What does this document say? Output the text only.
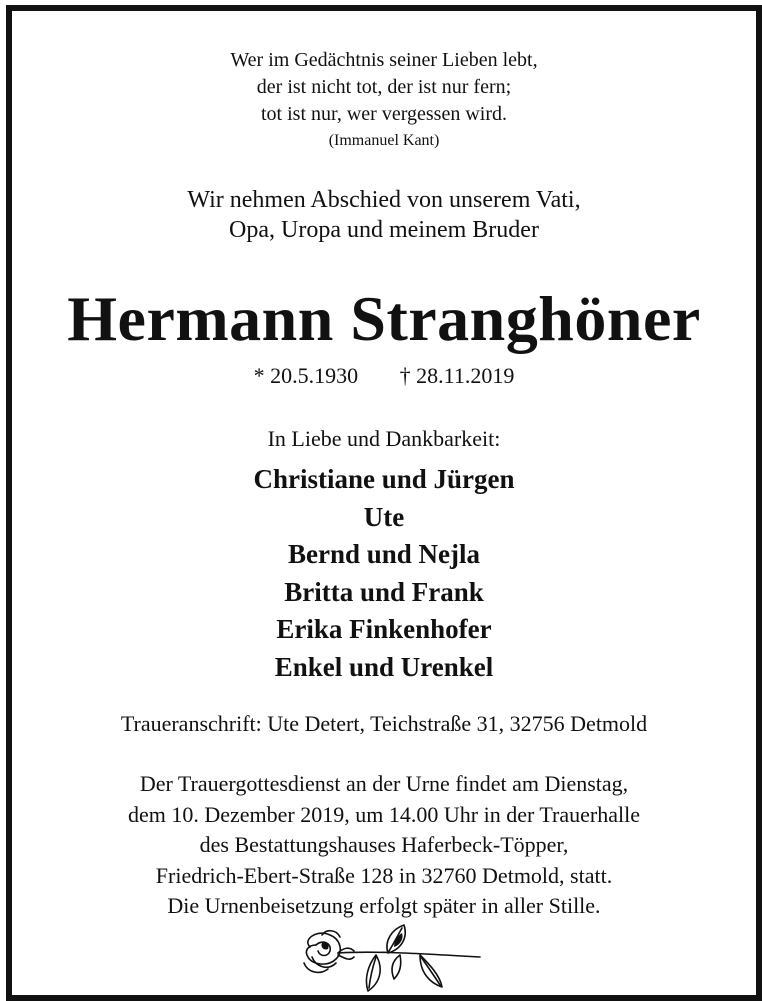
Wer im Gedächtnis seiner Lieben lebt,
der ist nicht tot, der ist nur fern;
tot ist nur, wer vergessen wird.
(Immanuel Kant)
Wir nehmen Abschied von unserem Vati,
Opa, Uropa und meinem Bruder
Hermann Stranghöner
* 20.5.1930 † 28.11.2019
In Liebe und Dankbarkeit:
Christiane und Jürgen
Ute
Bernd und Nejla
Britta und Frank
Erika Finkenhofer
Enkel und Urenkel
Traueranschrift: Ute Detert, Teichstraße 31, 32756 Detmold
Der Trauergottesdienst an der Urne findet am Dienstag,
dem 10. Dezember 2019, um 14.00 Uhr in der Trauerhalle
des Bestattungshauses Haferbeck-Töpper,
Friedrich-Ebert-Straße 128 in 32760 Detmold, statt.
Die Urnenbeisetzung erfolgt später in aller Stille.
